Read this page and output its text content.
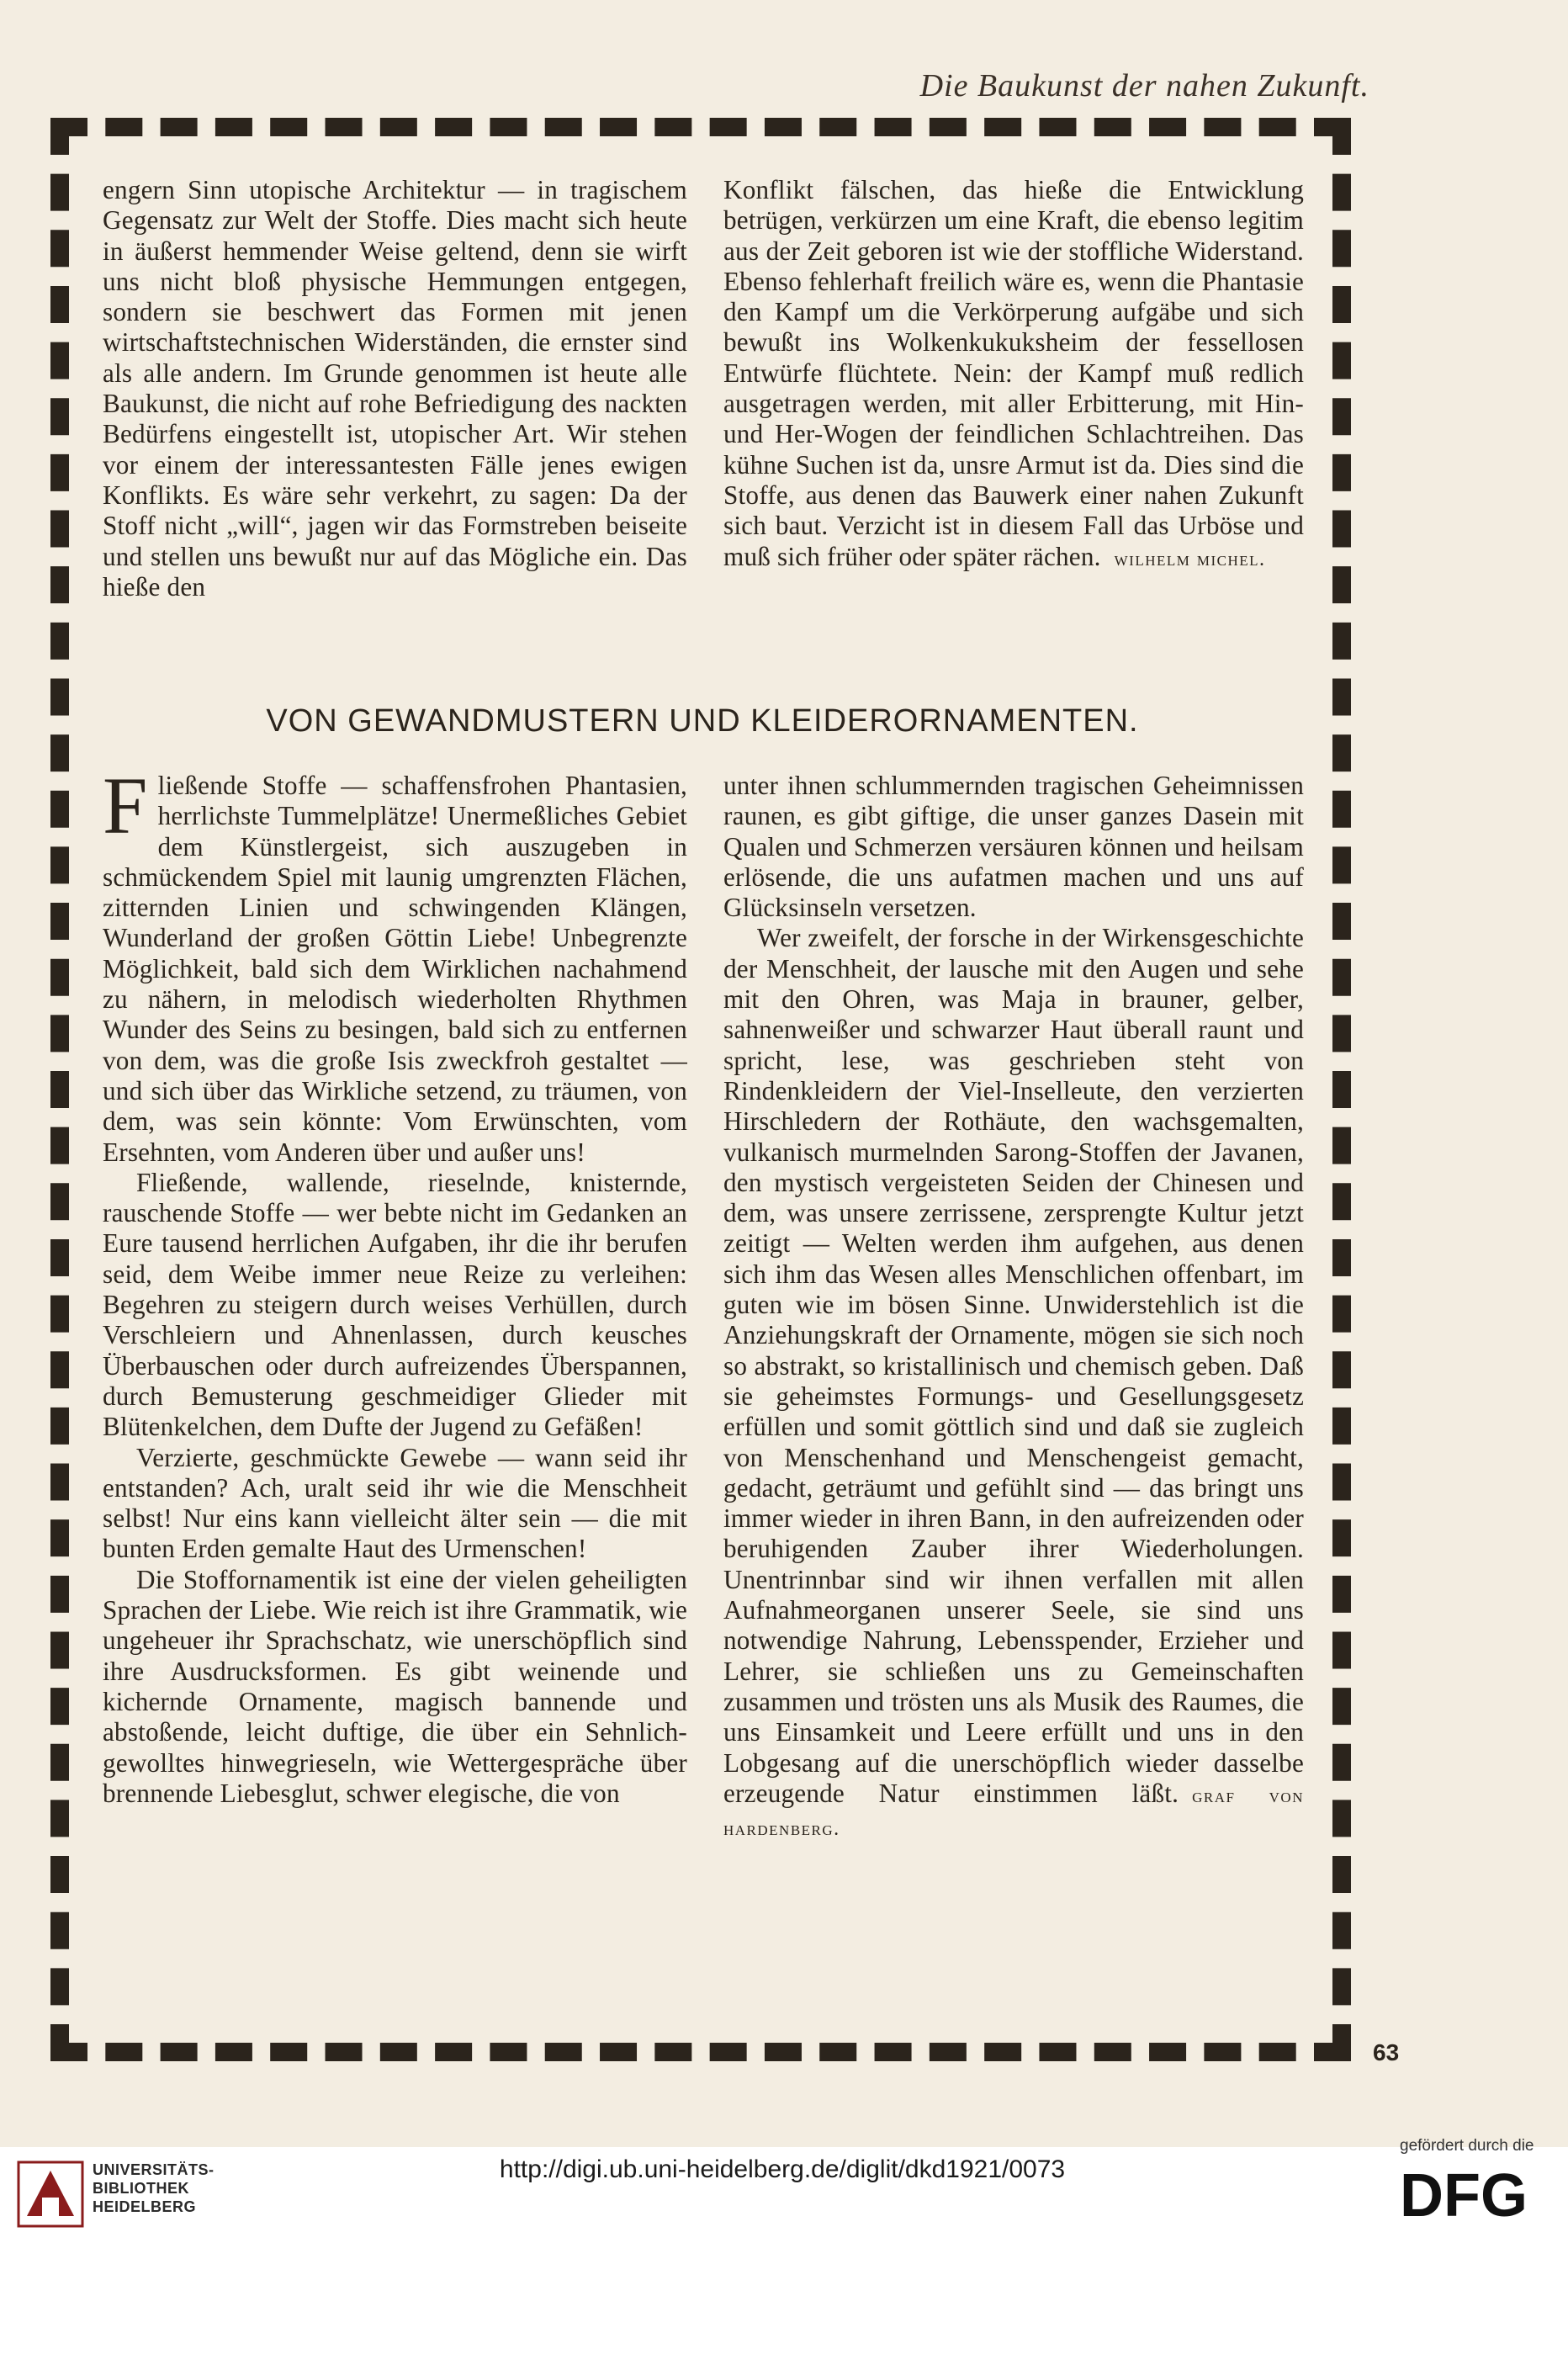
Die Baukunst der nahen Zukunft.

engern Sinn utopische Architektur — in tragischem Gegensatz zur Welt der Stoffe. Dies macht sich heute in äußerst hemmender Weise geltend, denn sie wirft uns nicht bloß physische Hemmungen entgegen, sondern sie beschwert das Formen mit jenen wirtschaftstechnischen Widerständen, die ernster sind als alle andern. Im Grunde genommen ist heute alle Baukunst, die nicht auf rohe Befriedigung des nackten Bedürfens eingestellt ist, utopischer Art. Wir stehen vor einem der interessantesten Fälle jenes ewigen Konflikts. Es wäre sehr verkehrt, zu sagen: Da der Stoff nicht „will“, jagen wir das Formstreben beiseite und stellen uns bewußt nur auf das Mögliche ein. Das hieße den

Konflikt fälschen, das hieße die Entwicklung betrügen, verkürzen um eine Kraft, die ebenso legitim aus der Zeit geboren ist wie der stoffliche Widerstand. Ebenso fehlerhaft freilich wäre es, wenn die Phantasie den Kampf um die Verkörperung aufgäbe und sich bewußt ins Wolkenkukuksheim der fessellosen Entwürfe flüchtete. Nein: der Kampf muß redlich ausgetragen werden, mit aller Erbitterung, mit Hin- und Her-Wogen der feindlichen Schlachtreihen. Das kühne Suchen ist da, unsre Armut ist da. Dies sind die Stoffe, aus denen das Bauwerk einer nahen Zukunft sich baut. Verzicht ist in diesem Fall das Urböse und muß sich früher oder später rächen. wilhelm michel.

VON GEWANDMUSTERN UND KLEIDERORNAMENTEN.

Fließende Stoffe — schaffensfrohen Phantasien, herrlichste Tummelplätze! Unermeßliches Gebiet dem Künstlergeist, sich auszugeben in schmückendem Spiel mit launig umgrenzten Flächen, zitternden Linien und schwingenden Klängen, Wunderland der großen Göttin Liebe! Unbegrenzte Möglichkeit, bald sich dem Wirklichen nachahmend zu nähern, in melodisch wiederholten Rhythmen Wunder des Seins zu besingen, bald sich zu entfernen von dem, was die große Isis zweckfroh gestaltet — und sich über das Wirkliche setzend, zu träumen, von dem, was sein könnte: Vom Erwünschten, vom Ersehnten, vom Anderen über und außer uns!

Fließende, wallende, rieselnde, knisternde, rauschende Stoffe — wer bebte nicht im Gedanken an Eure tausend herrlichen Aufgaben, ihr die ihr berufen seid, dem Weibe immer neue Reize zu verleihen: Begehren zu steigern durch weises Verhüllen, durch Verschleiern und Ahnenlassen, durch keusches Überbauschen oder durch aufreizendes Überspannen, durch Bemusterung geschmeidiger Glieder mit Blütenkelchen, dem Dufte der Jugend zu Gefäßen!

Verzierte, geschmückte Gewebe — wann seid ihr entstanden? Ach, uralt seid ihr wie die Menschheit selbst! Nur eins kann vielleicht älter sein — die mit bunten Erden gemalte Haut des Urmenschen!

Die Stoffornamentik ist eine der vielen geheiligten Sprachen der Liebe. Wie reich ist ihre Grammatik, wie ungeheuer ihr Sprachschatz, wie unerschöpflich sind ihre Ausdrucksformen. Es gibt weinende und kichernde Ornamente, magisch bannende und abstoßende, leicht duftige, die über ein Sehnlich-gewolltes hinwegrieseln, wie Wettergespräche über brennende Liebesglut, schwer elegische, die von

unter ihnen schlummernden tragischen Geheimnissen raunen, es gibt giftige, die unser ganzes Dasein mit Qualen und Schmerzen versäuren können und heilsam erlösende, die uns aufatmen machen und uns auf Glücksinseln versetzen.

Wer zweifelt, der forsche in der Wirkensgeschichte der Menschheit, der lausche mit den Augen und sehe mit den Ohren, was Maja in brauner, gelber, sahnenweißer und schwarzer Haut überall raunt und spricht, lese, was geschrieben steht von Rindenkleidern der Viel-Inselleute, den verzierten Hirschledern der Rothäute, den wachsgemalten, vulkanisch murmelnden Sarong-Stoffen der Javanen, den mystisch vergeisteten Seiden der Chinesen und dem, was unsere zerrissene, zersprengte Kultur jetzt zeitigt — Welten werden ihm aufgehen, aus denen sich ihm das Wesen alles Menschlichen offenbart, im guten wie im bösen Sinne. Unwiderstehlich ist die Anziehungskraft der Ornamente, mögen sie sich noch so abstrakt, so kristallinisch und chemisch geben. Daß sie geheimstes Formungs- und Gesellungsgesetz erfüllen und somit göttlich sind und daß sie zugleich von Menschenhand und Menschengeist gemacht, gedacht, geträumt und gefühlt sind — das bringt uns immer wieder in ihren Bann, in den aufreizenden oder beruhigenden Zauber ihrer Wiederholungen. Unentrinnbar sind wir ihnen verfallen mit allen Aufnahmeorganen unserer Seele, sie sind uns notwendige Nahrung, Lebensspender, Erzieher und Lehrer, sie schließen uns zu Gemeinschaften zusammen und trösten uns als Musik des Raumes, die uns Einsamkeit und Leere erfüllt und uns in den Lobgesang auf die unerschöpflich wieder dasselbe erzeugende Natur einstimmen läßt. graf von hardenberg.

63
UNIVERSITÄTS-
BIBLIOTHEK
HEIDELBERG
http://digi.ub.uni-heidelberg.de/diglit/dkd1921/0073
gefördert durch die
DFG
